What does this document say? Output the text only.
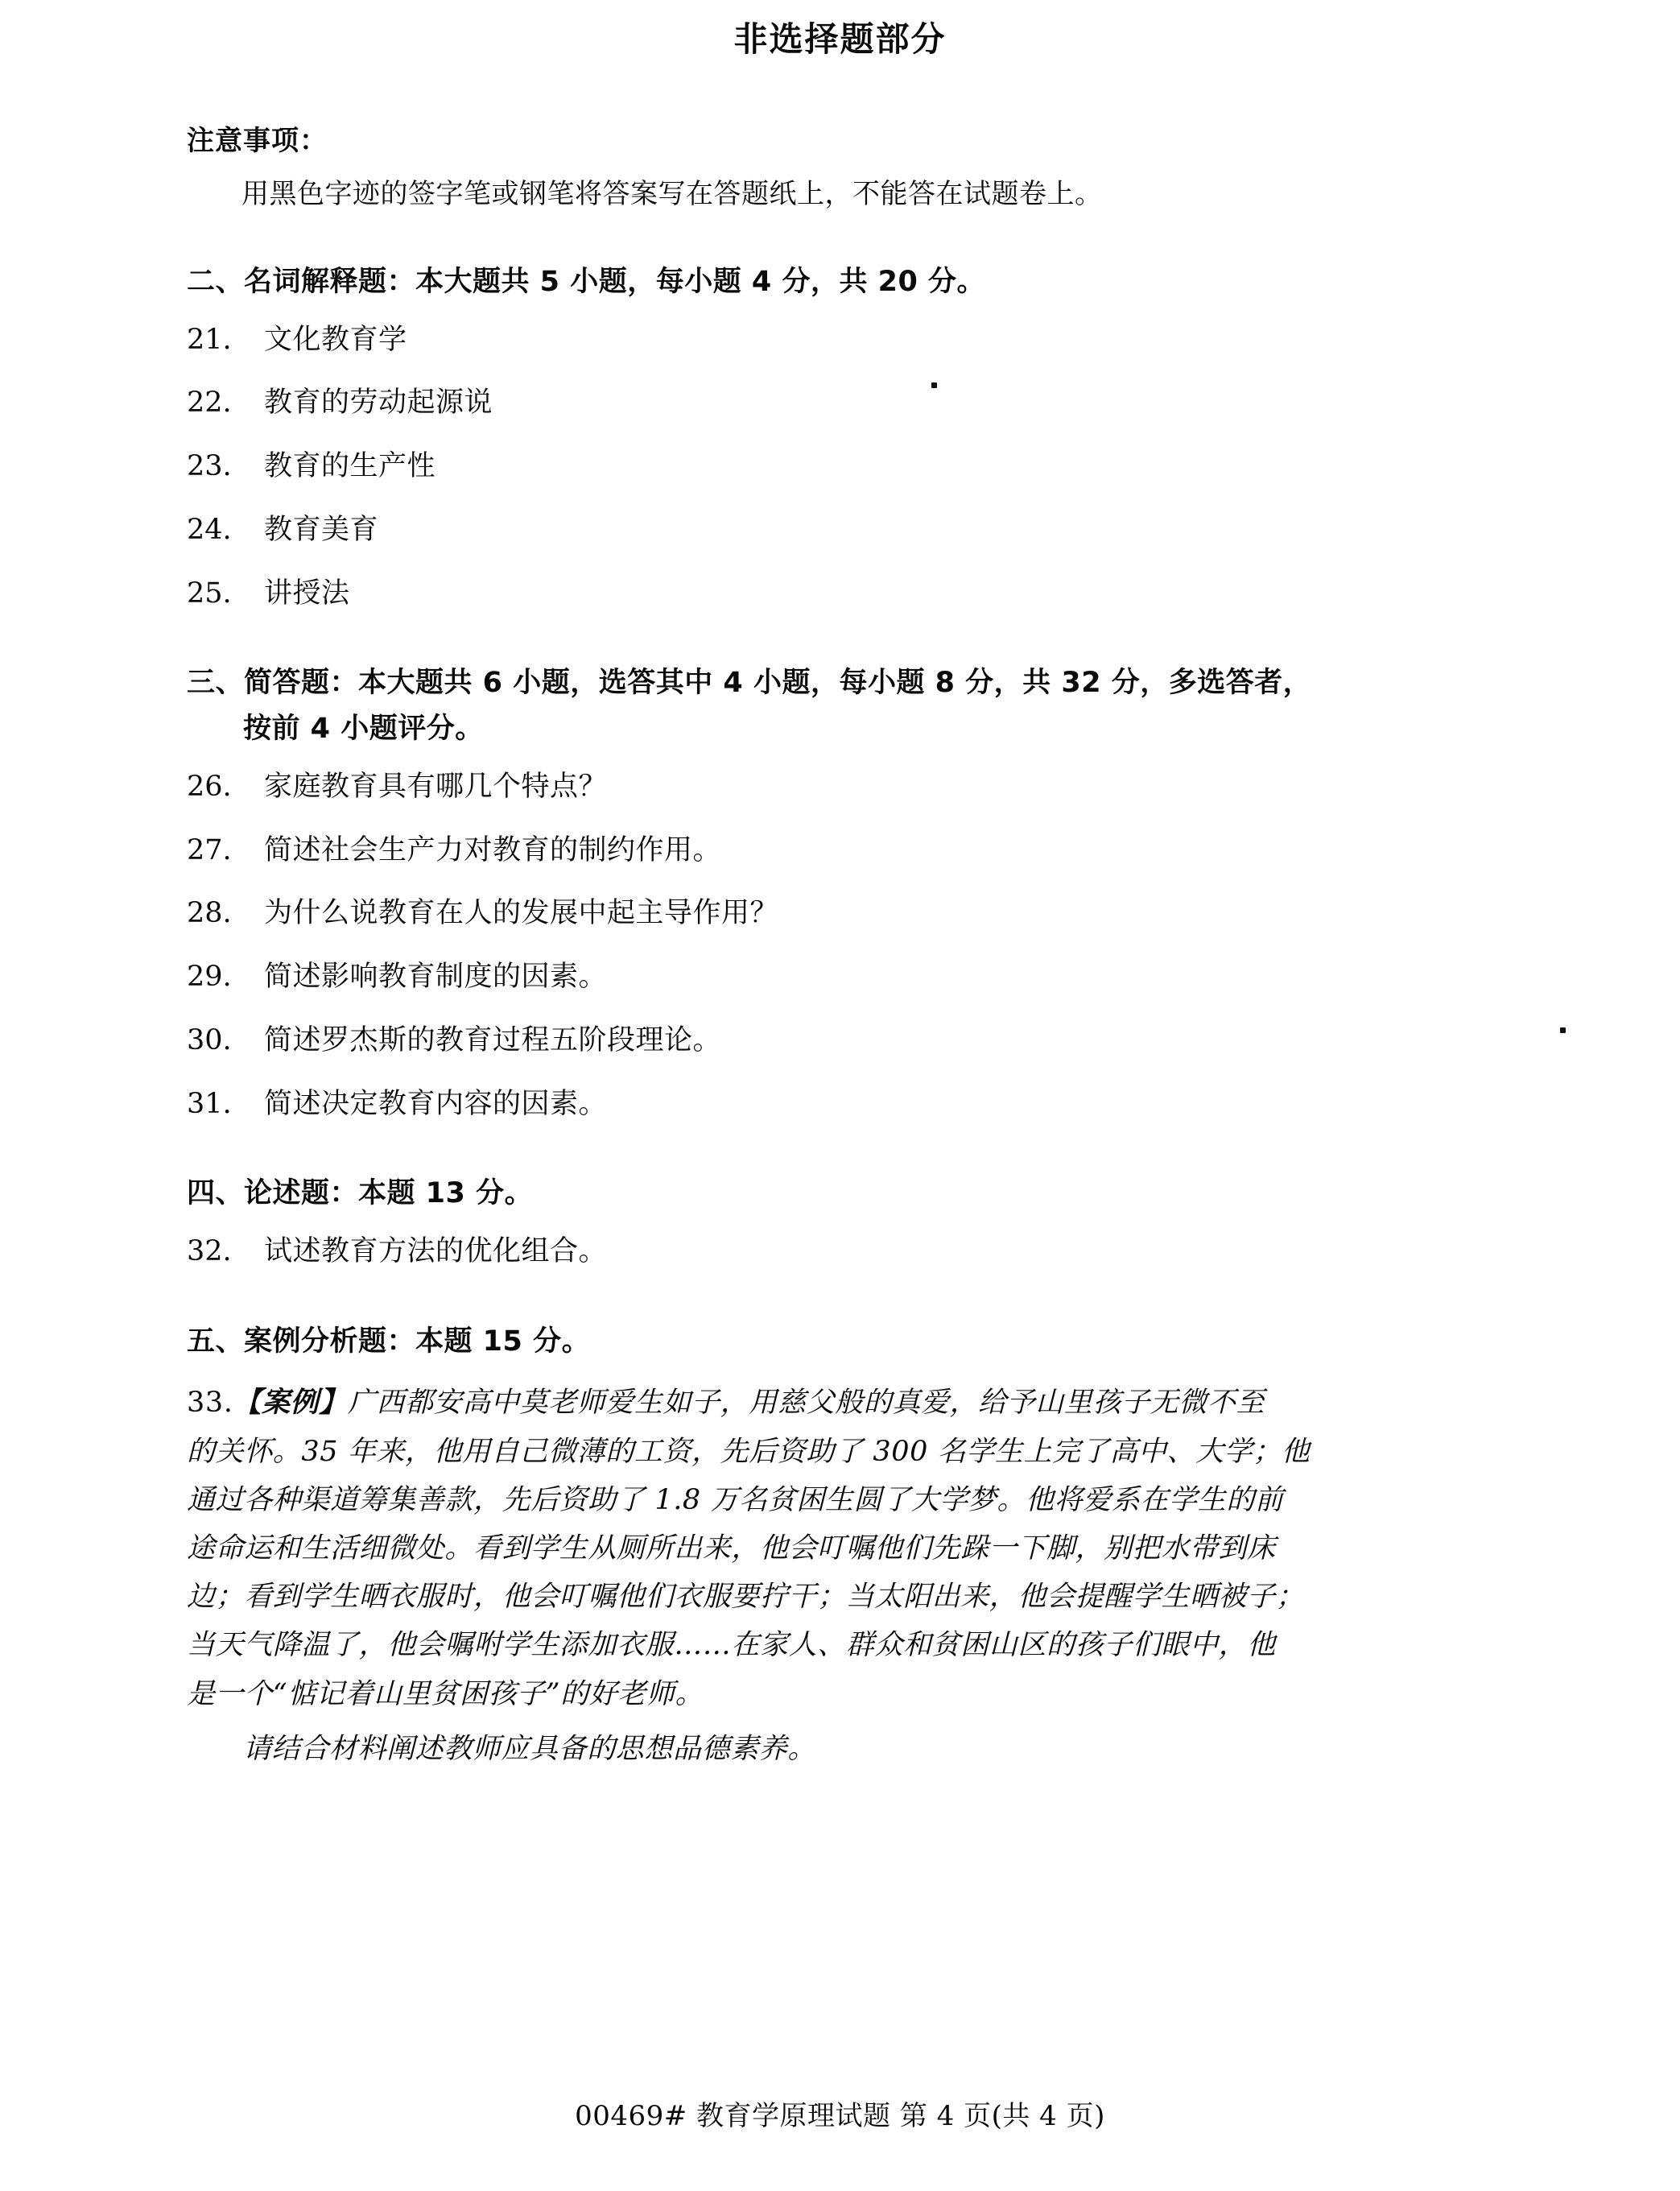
非选择题部分
注意事项：
用黑色字迹的签字笔或钢笔将答案写在答题纸上，不能答在试题卷上。
二、名词解释题：本大题共 5 小题，每小题 4 分，共 20 分。
21.	文化教育学
22.	教育的劳动起源说
23.	教育的生产性
24.	教育美育
25.	讲授法
三、简答题：本大题共 6 小题，选答其中 4 小题，每小题 8 分，共 32 分，多选答者，
按前 4 小题评分。
26.	家庭教育具有哪几个特点？
27.	简述社会生产力对教育的制约作用。
28.	为什么说教育在人的发展中起主导作用？
29.	简述影响教育制度的因素。
30.	简述罗杰斯的教育过程五阶段理论。
31.	简述决定教育内容的因素。
四、论述题：本题 13 分。
32.	试述教育方法的优化组合。
五、案例分析题：本题 15 分。
33.【案例】广西都安高中莫老师爱生如子，用慈父般的真爱，给予山里孩子无微不至
的关怀。35 年来，他用自己微薄的工资，先后资助了 300 名学生上完了高中、大学；他
通过各种渠道筹集善款，先后资助了 1.8 万名贫困生圆了大学梦。他将爱系在学生的前
途命运和生活细微处。看到学生从厕所出来，他会叮嘱他们先跺一下脚，别把水带到床
边；看到学生晒衣服时，他会叮嘱他们衣服要拧干；当太阳出来，他会提醒学生晒被子；
当天气降温了，他会嘱咐学生添加衣服……在家人、群众和贫困山区的孩子们眼中，他
是一个“惦记着山里贫困孩子”的好老师。
请结合材料阐述教师应具备的思想品德素养。
00469# 教育学原理试题 第 4 页(共 4 页)
